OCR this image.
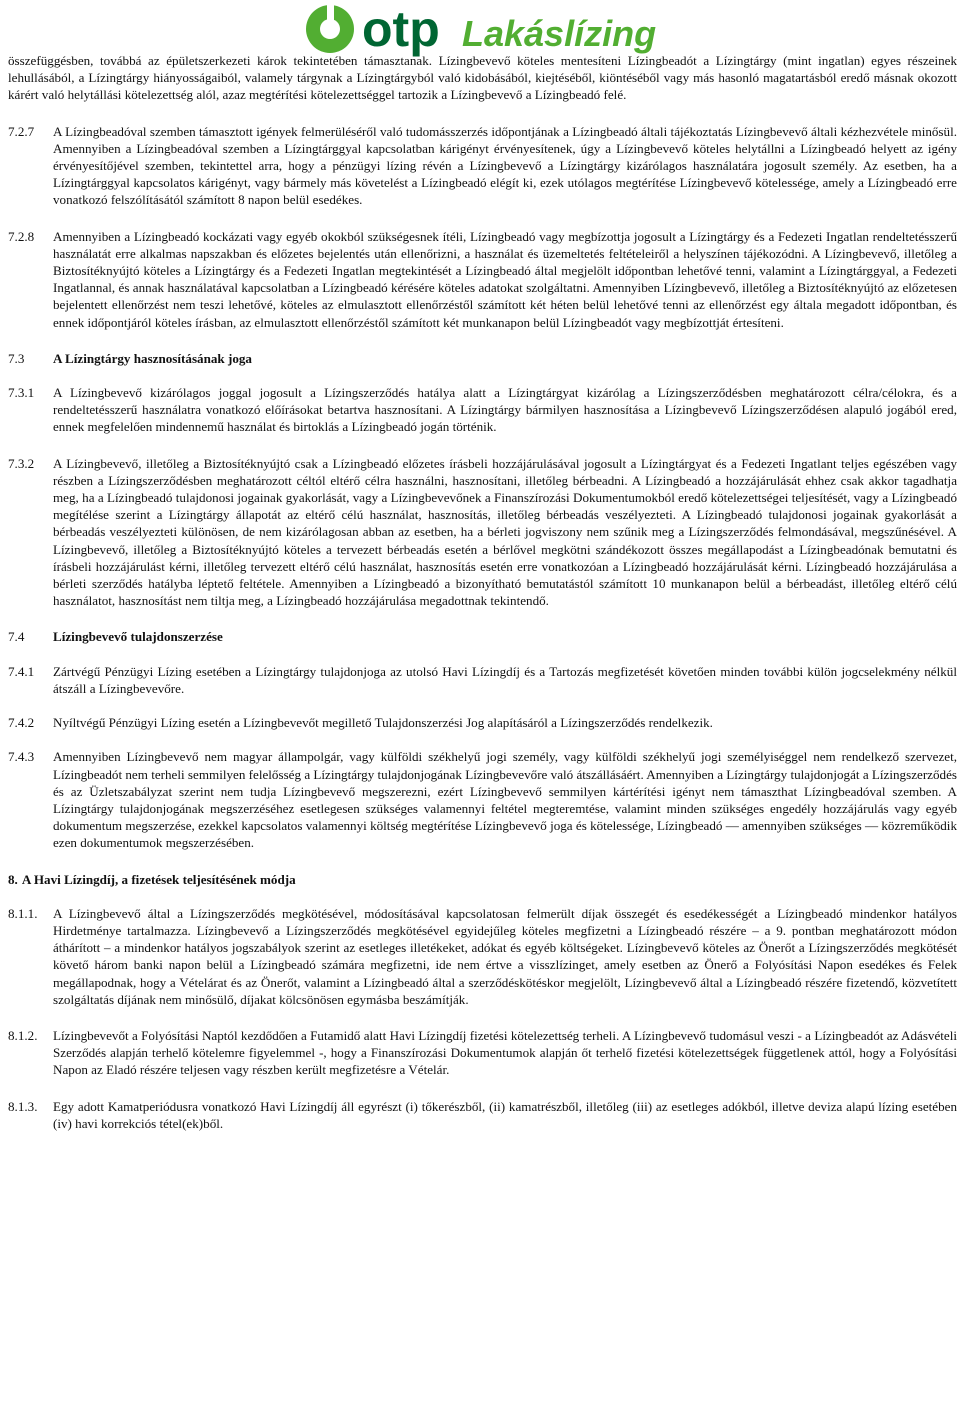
otp Lakáslízing

összefüggésben, továbbá az épületszerkezeti károk tekintetében támasztanak. Lízingbevevő köteles mentesíteni Lízingbeadót a Lízingtárgy (mint ingatlan) egyes részeinek lehullásából, a Lízingtárgy hiányosságaiból, valamely tárgynak a Lízingtárgyból való kidobásából, kiejtéséből, kiöntéséből vagy más hasonló magatartásból eredő másnak okozott kárért való helytállási kötelezettség alól, azaz megtérítési kötelezettséggel tartozik a Lízingbevevő a Lízingbeadó felé.

7.2.7	A Lízingbeadóval szemben támasztott igények felmerüléséről való tudomásszerzés időpontjának a Lízingbeadó általi tájékoztatás Lízingbevevő általi kézhezvétele minősül. Amennyiben a Lízingbeadóval szemben a Lízingtárggyal kapcsolatban kárigényt érvényesítenek, úgy a Lízingbevevő köteles helytállni a Lízingbeadó helyett az igény érvényesítőjével szemben, tekintettel arra, hogy a pénzügyi lízing révén a Lízingbevevő a Lízingtárgy kizárólagos használatára jogosult személy. Az esetben, ha a Lízingtárggyal kapcsolatos kárigényt, vagy bármely más követelést a Lízingbeadó elégít ki, ezek utólagos megtérítése Lízingbevevő kötelessége, amely a Lízingbeadó erre vonatkozó felszólításától számított 8 napon belül esedékes.
7.2.8	Amennyiben a Lízingbeadó kockázati vagy egyéb okokból szükségesnek ítéli, Lízingbeadó vagy megbízottja jogosult a Lízingtárgy és a Fedezeti Ingatlan rendeltetésszerű használatát erre alkalmas napszakban és előzetes bejelentés után ellenőrizni, a használat és üzemeltetés feltételeiről a helyszínen tájékozódni. A Lízingbevevő, illetőleg a Biztosítéknyújtó köteles a Lízingtárgy és a Fedezeti Ingatlan megtekintését a Lízingbeadó által megjelölt időpontban lehetővé tenni, valamint a Lízingtárggyal, a Fedezeti Ingatlannal, és annak használatával kapcsolatban a Lízingbeadó kérésére köteles adatokat szolgáltatni. Amennyiben Lízingbevevő, illetőleg a Biztosítéknyújtó az előzetesen bejelentett ellenőrzést nem teszi lehetővé, köteles az elmulasztott ellenőrzéstől számított két héten belül lehetővé tenni az ellenőrzést egy általa megadott időpontban, és ennek időpontjáról köteles írásban, az elmulasztott ellenőrzéstől számított két munkanapon belül Lízingbeadót vagy megbízottját értesíteni.
7.3	A Lízingtárgy hasznosításának joga
7.3.1	A Lízingbevevő kizárólagos joggal jogosult a Lízingszerződés hatálya alatt a Lízingtárgyat kizárólag a Lízingszerződésben meghatározott célra/célokra, és a rendeltetésszerű használatra vonatkozó előírásokat betartva hasznosítani. A Lízingtárgy bármilyen hasznosítása a Lízingbevevő Lízingszerződésen alapuló jogából ered, ennek megfelelően mindennemű használat és birtoklás a Lízingbeadó jogán történik.
7.3.2	A Lízingbevevő, illetőleg a Biztosítéknyújtó csak a Lízingbeadó előzetes írásbeli hozzájárulásával jogosult a Lízingtárgyat és a Fedezeti Ingatlant teljes egészében vagy részben a Lízingszerződésben meghatározott céltól eltérő célra használni, hasznosítani, illetőleg bérbeadni. A Lízingbeadó a hozzájárulását ehhez csak akkor tagadhatja meg, ha a Lízingbeadó tulajdonosi jogainak gyakorlását, vagy a Lízingbevevőnek a Finanszírozási Dokumentumokból eredő kötelezettségei teljesítését, vagy a Lízingbeadó megítélése szerint a Lízingtárgy állapotát az eltérő célú használat, hasznosítás, illetőleg bérbeadás veszélyezteti. A Lízingbeadó tulajdonosi jogainak gyakorlását a bérbeadás veszélyezteti különösen, de nem kizárólagosan abban az esetben, ha a bérleti jogviszony nem szűnik meg a Lízingszerződés felmondásával, megszűnésével. A Lízingbevevő, illetőleg a Biztosítéknyújtó köteles a tervezett bérbeadás esetén a bérlővel megkötni szándékozott összes megállapodást a Lízingbeadónak bemutatni és írásbeli hozzájárulást kérni, illetőleg tervezett eltérő célú használat, hasznosítás esetén erre vonatkozóan a Lízingbeadó hozzájárulását kérni. Lízingbeadó hozzájárulása a bérleti szerződés hatályba léptető feltétele. Amennyiben a Lízingbeadó a bizonyítható bemutatástól számított 10 munkanapon belül a bérbeadást, illetőleg eltérő célú használatot, hasznosítást nem tiltja meg, a Lízingbeadó hozzájárulása megadottnak tekintendő.
7.4	Lízingbevevő tulajdonszerzése
7.4.1	Zártvégű Pénzügyi Lízing esetében a Lízingtárgy tulajdonjoga az utolsó Havi Lízingdíj és a Tartozás megfizetését követően minden további külön jogcselekmény nélkül átszáll a Lízingbevevőre.
7.4.2	Nyíltvégű Pénzügyi Lízing esetén a Lízingbevevőt megillető Tulajdonszerzési Jog alapításáról a Lízingszerződés rendelkezik.
7.4.3	Amennyiben Lízingbevevő nem magyar állampolgár, vagy külföldi székhelyű jogi személy, vagy külföldi székhelyű jogi személyiséggel nem rendelkező szervezet, Lízingbeadót nem terheli semmilyen felelősség a Lízingtárgy tulajdonjogának Lízingbevevőre való átszállásáért. Amennyiben a Lízingtárgy tulajdonjogát a Lízingszerződés és az Üzletszabályzat szerint nem tudja Lízingbevevő megszerezni, ezért Lízingbevevő semmilyen kártérítési igényt nem támaszthat Lízingbeadóval szemben. A Lízingtárgy tulajdonjogának megszerzéséhez esetlegesen szükséges valamennyi feltétel megteremtése, valamint minden szükséges engedély hozzájárulás vagy egyéb dokumentum megszerzése, ezekkel kapcsolatos valamennyi költség megtérítése Lízingbevevő joga és kötelessége, Lízingbeadó — amennyiben szükséges — közreműködik ezen dokumentumok megszerzésében.
8. A Havi Lízingdíj, a fizetések teljesítésének módja
8.1.1.	A Lízingbevevő által a Lízingszerződés megkötésével, módosításával kapcsolatosan felmerült díjak összegét és esedékességét a Lízingbeadó mindenkor hatályos Hirdetménye tartalmazza. Lízingbevevő a Lízingszerződés megkötésével egyidejűleg köteles megfizetni a Lízingbeadó részére – a 9. pontban meghatározott módon áthárított – a mindenkor hatályos jogszabályok szerint az esetleges illetékeket, adókat és egyéb költségeket. Lízingbevevő köteles az Önerőt a Lízingszerződés megkötését követő három banki napon belül a Lízingbeadó számára megfizetni, ide nem értve a visszlízinget, amely esetben az Önerő a Folyósítási Napon esedékes és Felek megállapodnak, hogy a Vételárat és az Önerőt, valamint a Lízingbeadó által a szerződéskötéskor megjelölt, Lízingbevevő által a Lízingbeadó részére fizetendő, közvetített szolgáltatás díjának nem minősülő, díjakat kölcsönösen egymásba beszámítják.
8.1.2.	Lízingbevevőt a Folyósítási Naptól kezdődően a Futamidő alatt Havi Lízingdíj fizetési kötelezettség terheli. A Lízingbevevő tudomásul veszi - a Lízingbeadót az Adásvételi Szerződés alapján terhelő kötelemre figyelemmel -, hogy a Finanszírozási Dokumentumok alapján őt terhelő fizetési kötelezettségek függetlenek attól, hogy a Folyósítási Napon az Eladó részére teljesen vagy részben került megfizetésre a Vételár.
8.1.3.	Egy adott Kamatperiódusra vonatkozó Havi Lízingdíj áll egyrészt (i) tőkerészből, (ii) kamatrészből, illetőleg (iii) az esetleges adókból, illetve deviza alapú lízing esetében (iv) havi korrekciós tétel(ek)ből.
